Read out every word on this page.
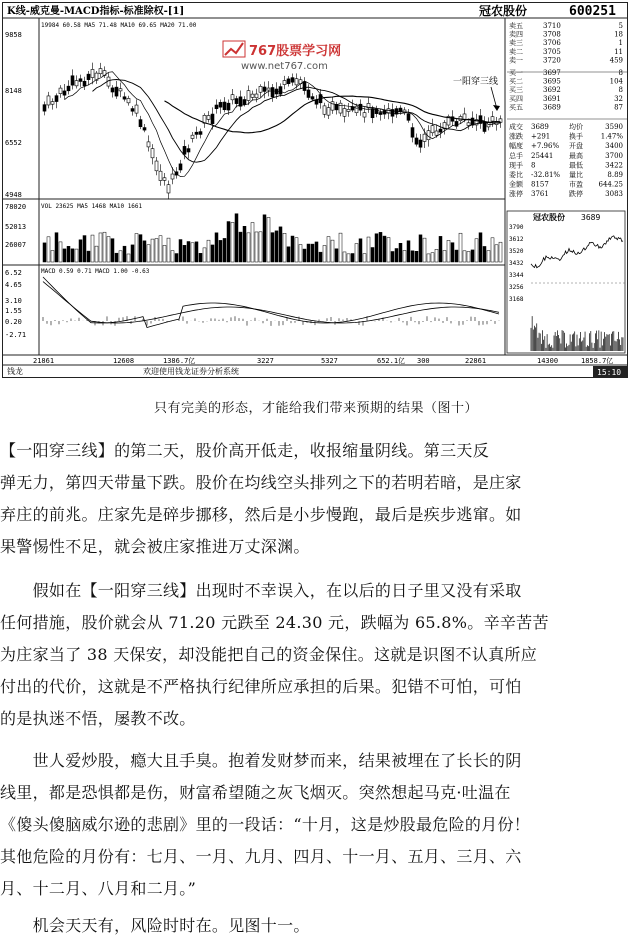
K线-威克曼-MACD指标-标准除权-[1]	冠农股份	600251
19984 60.58 MA5 71.48 MA10 69.65 MA20 71.00
VOL 23625 MA5 1468 MA10 1661
MACD 0.59 0.71 MACD 1.00 -0.63
9858
8148
6552
4948
78020
52013
26007
6.52
4.65
3.10
1.55
0.20
-2.71
767股票学习网
www.net767.com
一阳穿三线
卖五	3710	5
卖四	3708	18
卖三	3706	1
卖二	3705	11
卖一	3720	459
买一	3697	8
买二	3695	104
买三	3692	8
买四	3691	32
买五	3689	87
成交 3689	均价	3590
涨跌 +291	换手	1.47%
幅度 +7.96% 开盘	3400
总手 25441 最高	3700
现手 8	最低	3422
委比 -32.81% 量比	8.89
金额 8157	市盈 644.25
涨停 3761	跌停	3083
冠农股份 3689
3790
3612
3520
3432
3344
3256
3168
21861	12608	1386.7亿	3227	5327	652.1亿 300	22861	14300	1858.7亿
钱龙	欢迎使用钱龙证券分析系统	15:10
只有完美的形态，才能给我们带来预期的结果（图十）
【一阳穿三线】的第二天，股价高开低走，收报缩量阴线。第三天反
弹无力，第四天带量下跌。股价在均线空头排列之下的若明若暗，是庄家
弃庄的前兆。庄家先是碎步挪移，然后是小步慢跑，最后是疾步逃窜。如
果警惕性不足，就会被庄家推进万丈深渊。
　　假如在【一阳穿三线】出现时不幸误入，在以后的日子里又没有采取
任何措施，股价就会从 71.20 元跌至 24.30 元，跌幅为 65.8%。辛辛苦苦
为庄家当了 38 天保安，却没能把自己的资金保住。这就是识图不认真所应
付出的代价，这就是不严格执行纪律所应承担的后果。犯错不可怕，可怕
的是执迷不悟，屡教不改。
　　世人爱炒股，瘾大且手臭。抱着发财梦而来，结果被埋在了长长的阴
线里，都是恐惧都是伤，财富希望随之灰飞烟灭。突然想起马克·吐温在
《傻头傻脑威尔逊的悲剧》里的一段话：“十月，这是炒股最危险的月份！
其他危险的月份有：七月、一月、九月、四月、十一月、五月、三月、六
月、十二月、八月和二月。”
　　机会天天有，风险时时在。见图十一。
